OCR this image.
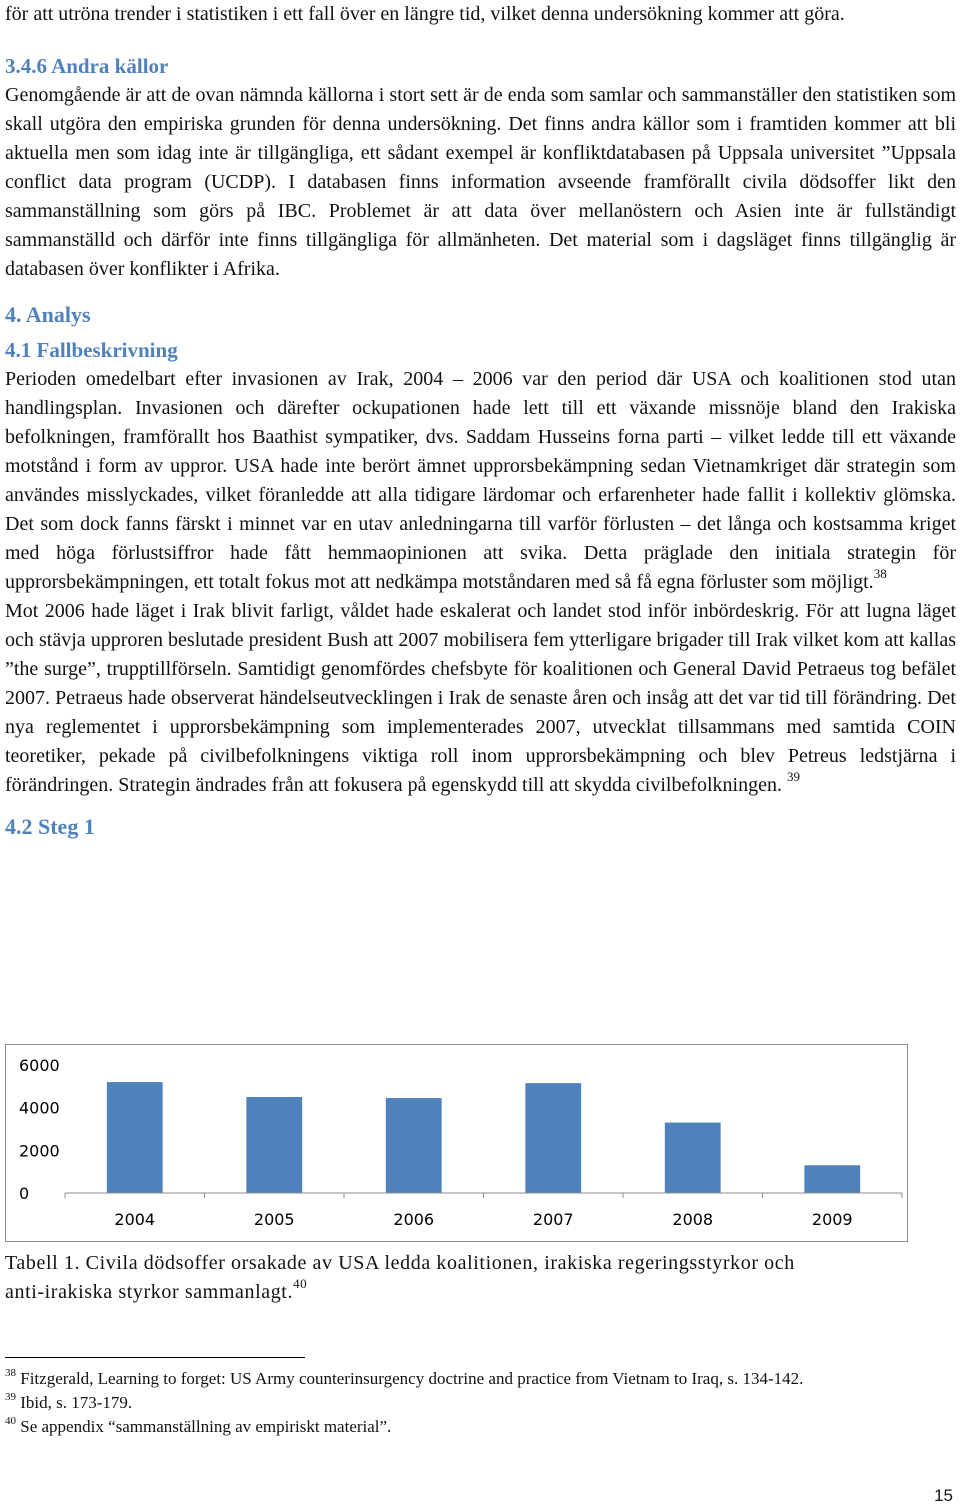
för att utröna trender i statistiken i ett fall över en längre tid, vilket denna undersökning kommer att göra.

3.4.6 Andra källor

Genomgående är att de ovan nämnda källorna i stort sett är de enda som samlar och sammanställer den statistiken som skall utgöra den empiriska grunden för denna undersökning. Det finns andra källor som i framtiden kommer att bli aktuella men som idag inte är tillgängliga, ett sådant exempel är konfliktdatabasen på Uppsala universitet ”Uppsala conflict data program (UCDP). I databasen finns information avseende framförallt civila dödsoffer likt den sammanställning som görs på IBC. Problemet är att data över mellanöstern och Asien inte är fullständigt sammanställd och därför inte finns tillgängliga för allmänheten. Det material som i dagsläget finns tillgänglig är databasen över konflikter i Afrika.

4. Analys
4.1 Fallbeskrivning

Perioden omedelbart efter invasionen av Irak, 2004 – 2006 var den period där USA och koalitionen stod utan handlingsplan. Invasionen och därefter ockupationen hade lett till ett växande missnöje bland den Irakiska befolkningen, framförallt hos Baathist sympatiker, dvs. Saddam Husseins forna parti – vilket ledde till ett växande motstånd i form av uppror. USA hade inte berört ämnet upprorsbekämpning sedan Vietnamkriget där strategin som användes misslyckades, vilket föranledde att alla tidigare lärdomar och erfarenheter hade fallit i kollektiv glömska. Det som dock fanns färskt i minnet var en utav anledningarna till varför förlusten – det långa och kostsamma kriget med höga förlustsiffror hade fått hemmaopinionen att svika. Detta präglade den initiala strategin för upprorsbekämpningen, ett totalt fokus mot att nedkämpa motståndaren med så få egna förluster som möjligt.$^{38}$

Mot 2006 hade läget i Irak blivit farligt, våldet hade eskalerat och landet stod inför inbördeskrig. För att lugna läget och stävja upproren beslutade president Bush att 2007 mobilisera fem ytterligare brigader till Irak vilket kom att kallas ”the surge”, trupptillförseln. Samtidigt genomfördes chefsbyte för koalitionen och General David Petraeus tog befälet 2007. Petraeus hade observerat händelseutvecklingen i Irak de senaste åren och insåg att det var tid till förändring. Det nya reglementet i upprorsbekämpning som implementerades 2007, utvecklat tillsammans med samtida COIN teoretiker, pekade på civilbefolkningens viktiga roll inom upprorsbekämpning och blev Petreus ledstjärna i förändringen. Strategin ändrades från att fokusera på egenskydd till att skydda civilbefolkningen. $^{39}$

4.2 Steg 1
0
2000
4000
6000
2004	2005	2006	2007	2008	2009
Tabell 1. Civila dödsoffer orsakade av USA ledda koalitionen, irakiska regeringsstyrkor och
anti-irakiska styrkor sammanlagt.$^{40}$
$^{38}$ Fitzgerald, Learning to forget: US Army counterinsurgency doctrine and practice from Vietnam to Iraq, s. 134-142.
$^{39}$ Ibid, s. 173-179.
$^{40}$ Se appendix “sammanställning av empiriskt material”.
15
